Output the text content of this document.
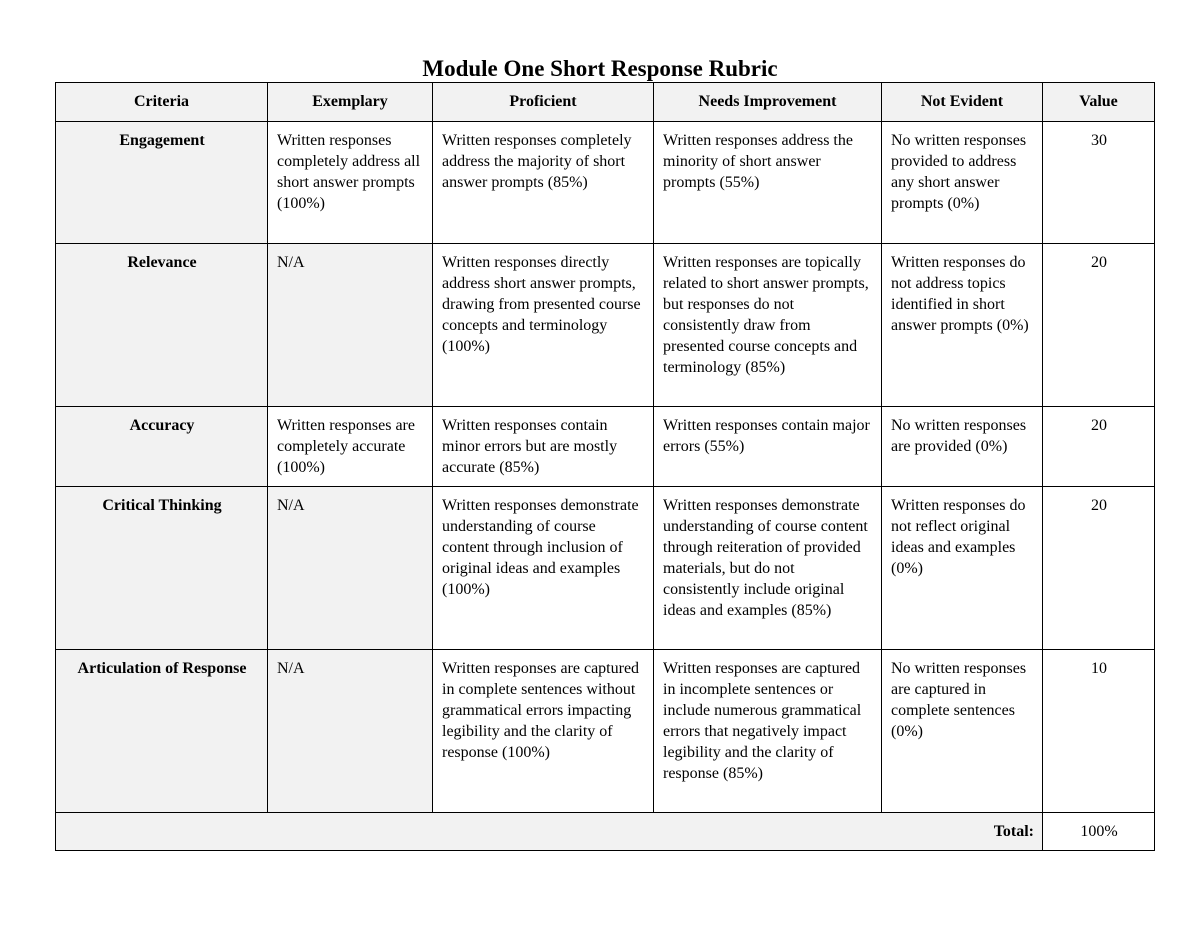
Module One Short Response Rubric
Criteria	Exemplary	Proficient	Needs Improvement	Not Evident	Value
Engagement	Written responses completely address all short answer prompts (100%)	Written responses completely address the majority of short answer prompts (85%)	Written responses address the minority of short answer prompts (55%)	No written responses provided to address any short answer prompts (0%)	30
Relevance	N/A	Written responses directly address short answer prompts, drawing from presented course concepts and terminology (100%)	Written responses are topically related to short answer prompts, but responses do not consistently draw from presented course concepts and terminology (85%)	Written responses do not address topics identified in short answer prompts (0%)	20
Accuracy	Written responses are completely accurate (100%)	Written responses contain minor errors but are mostly accurate (85%)	Written responses contain major errors (55%)	No written responses are provided (0%)	20
Critical Thinking	N/A	Written responses demonstrate understanding of course content through inclusion of original ideas and examples (100%)	Written responses demonstrate understanding of course content through reiteration of provided materials, but do not consistently include original ideas and examples (85%)	Written responses do not reflect original ideas and examples (0%)	20
Articulation of Response	N/A	Written responses are captured in complete sentences without grammatical errors impacting legibility and the clarity of response (100%)	Written responses are captured in incomplete sentences or include numerous grammatical errors that negatively impact legibility and the clarity of response (85%)	No written responses are captured in complete sentences (0%)	10
Total:					100%
